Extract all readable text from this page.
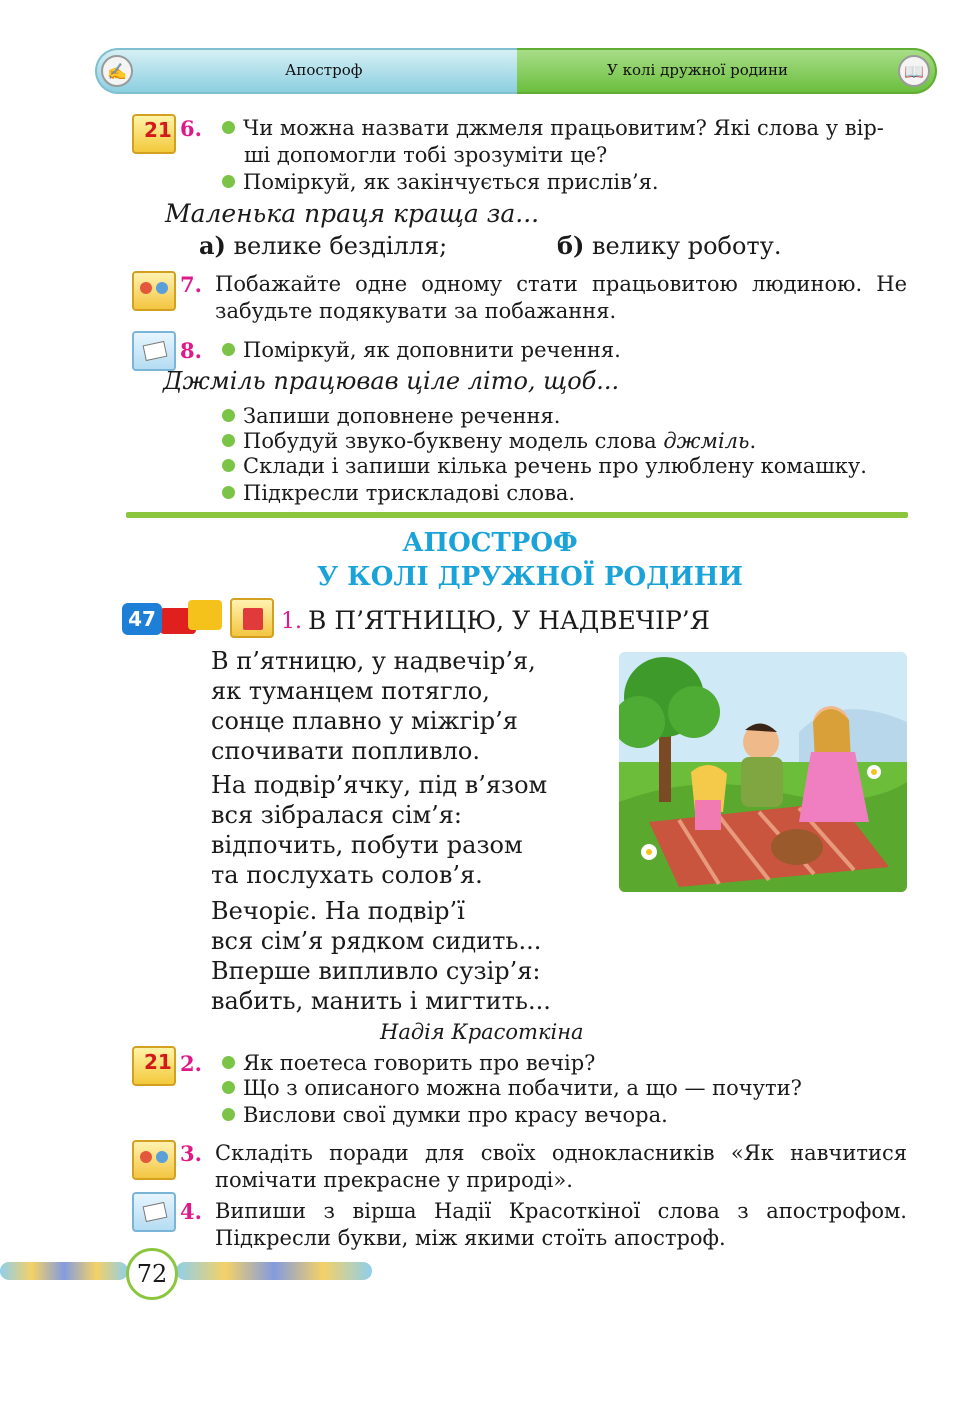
✍	Апостроф	У колі дружної родини	📖
21 6.	Чи можна назвати джмеля працьовитим? Які слова у вір-
ші допомогли тобі зрозуміти це?
Поміркуй, як закінчується прислів’я.
Маленька праця краща за...
а) велике безділля;	б) велику роботу.
7. Побажайте одне одному стати працьовитою людиною. Не забудьте подякувати за побажання.
8.	Поміркуй, як доповнити речення.
Джміль працював ціле літо, щоб...
Запиши доповнене речення.
Побудуй звуко-буквену модель слова джміль.
Склади і запиши кілька речень про улюблену комашку.
Підкресли трискладові слова.
АПОСТРОФ
У КОЛІ ДРУЖНОЇ РОДИНИ
47	1. В П’ЯТНИЦЮ, У НАДВЕЧІР’Я
В п’ятницю, у надвечір’я,
як туманцем потягло,
сонце плавно у міжгір’я
спочивати попливло.
На подвір’ячку, під в’язом
вся зібралася сім’я:
відпочить, побути разом
та послухать солов’я.
Вечоріє. На подвір’ї
вся сім’я рядком сидить...
Вперше випливло сузір’я:
вабить, манить і мигтить...
Надія Красоткіна
21 2.	Як поетеса говорить про вечір?
Що з описаного можна побачити, а що — почути?
Вислови свої думки про красу вечора.
3. Складіть поради для своїх однокласників «Як навчитися помічати прекрасне у природі».
4. Випиши з вірша Надії Красоткіної слова з апострофом. Підкресли букви, між якими стоїть апостроф.
72
